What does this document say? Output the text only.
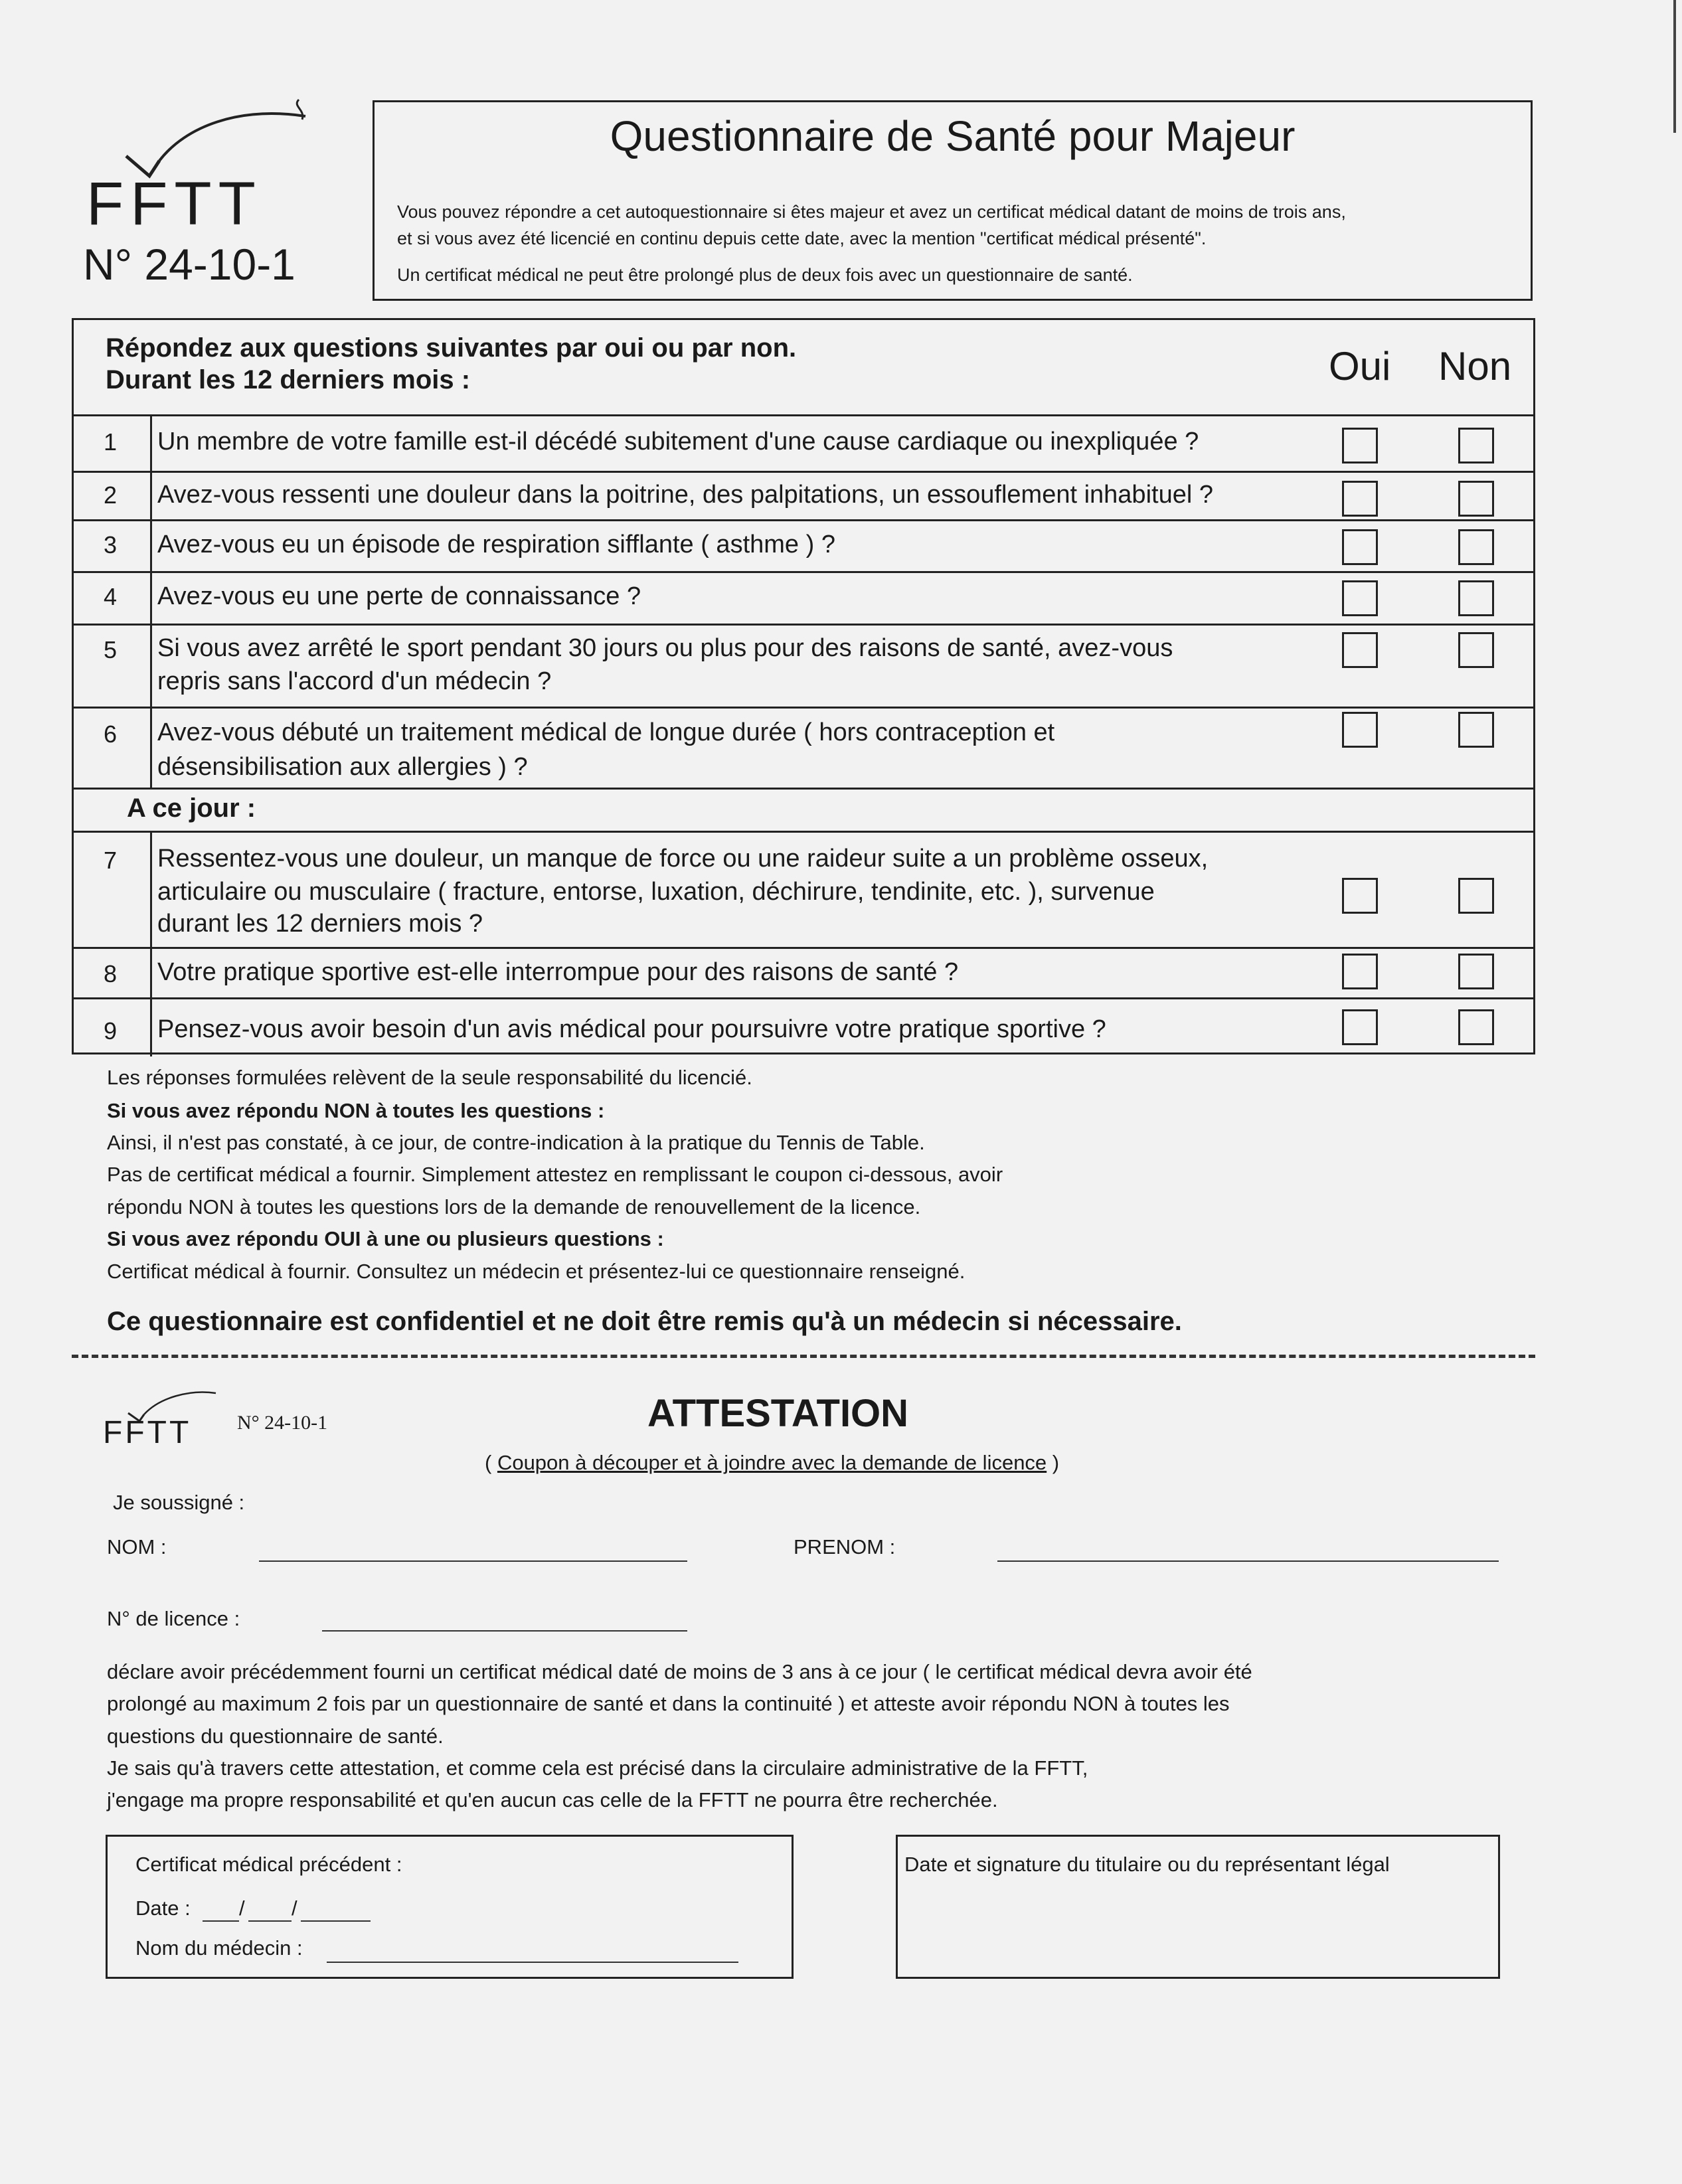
FFTT
N° 24-10-1
Questionnaire de Santé pour Majeur
Vous pouvez répondre a cet autoquestionnaire si êtes majeur et avez un certificat médical datant de moins de trois ans,
et si vous avez été licencié en continu depuis cette date, avec la mention "certificat médical présenté".
Un certificat médical ne peut être prolongé plus de deux fois avec un questionnaire de santé.
Répondez aux questions suivantes par oui ou par non.
Durant les 12 derniers mois :	Oui Non
1	Un membre de votre famille est-il décédé subitement d'une cause cardiaque ou inexpliquée ?
2	Avez-vous ressenti une douleur dans la poitrine, des palpitations, un essouflement inhabituel ?
3	Avez-vous eu un épisode de respiration sifflante ( asthme ) ?
4	Avez-vous eu une perte de connaissance ?
5	Si vous avez arrêté le sport pendant 30 jours ou plus pour des raisons de santé, avez-vous
repris sans l'accord d'un médecin ?
6	Avez-vous débuté un traitement médical de longue durée ( hors contraception et
désensibilisation aux allergies ) ?
A ce jour :
7	Ressentez-vous une douleur, un manque de force ou une raideur suite a un problème osseux,
articulaire ou musculaire ( fracture, entorse, luxation, déchirure, tendinite, etc. ), survenue
durant les 12 derniers mois ?
8	Votre pratique sportive est-elle interrompue pour des raisons de santé ?
9	Pensez-vous avoir besoin d'un avis médical pour poursuivre votre pratique sportive ?
Les réponses formulées relèvent de la seule responsabilité du licencié.
Si vous avez répondu NON à toutes les questions :
Ainsi, il n'est pas constaté, à ce jour, de contre-indication à la pratique du Tennis de Table.
Pas de certificat médical a fournir. Simplement attestez en remplissant le coupon ci-dessous, avoir
répondu NON à toutes les questions lors de la demande de renouvellement de la licence.
Si vous avez répondu OUI à une ou plusieurs questions :
Certificat médical à fournir. Consultez un médecin et présentez-lui ce questionnaire renseigné.
Ce questionnaire est confidentiel et ne doit être remis qu'à un médecin si nécessaire.
FFTT N° 24-10-1	ATTESTATION
( Coupon à découper et à joindre avec la demande de licence )
Je soussigné :
NOM :	PRENOM :
N° de licence :
déclare avoir précédemment fourni un certificat médical daté de moins de 3 ans à ce jour ( le certificat médical devra avoir été
prolongé au maximum 2 fois par un questionnaire de santé et dans la continuité ) et atteste avoir répondu NON à toutes les
questions du questionnaire de santé.
Je sais qu'à travers cette attestation, et comme cela est précisé dans la circulaire administrative de la FFTT,
j'engage ma propre responsabilité et qu'en aucun cas celle de la FFTT ne pourra être recherchée.
Certificat médical précédent :
Date : / /
Nom du médecin :
Date et signature du titulaire ou du représentant légal
